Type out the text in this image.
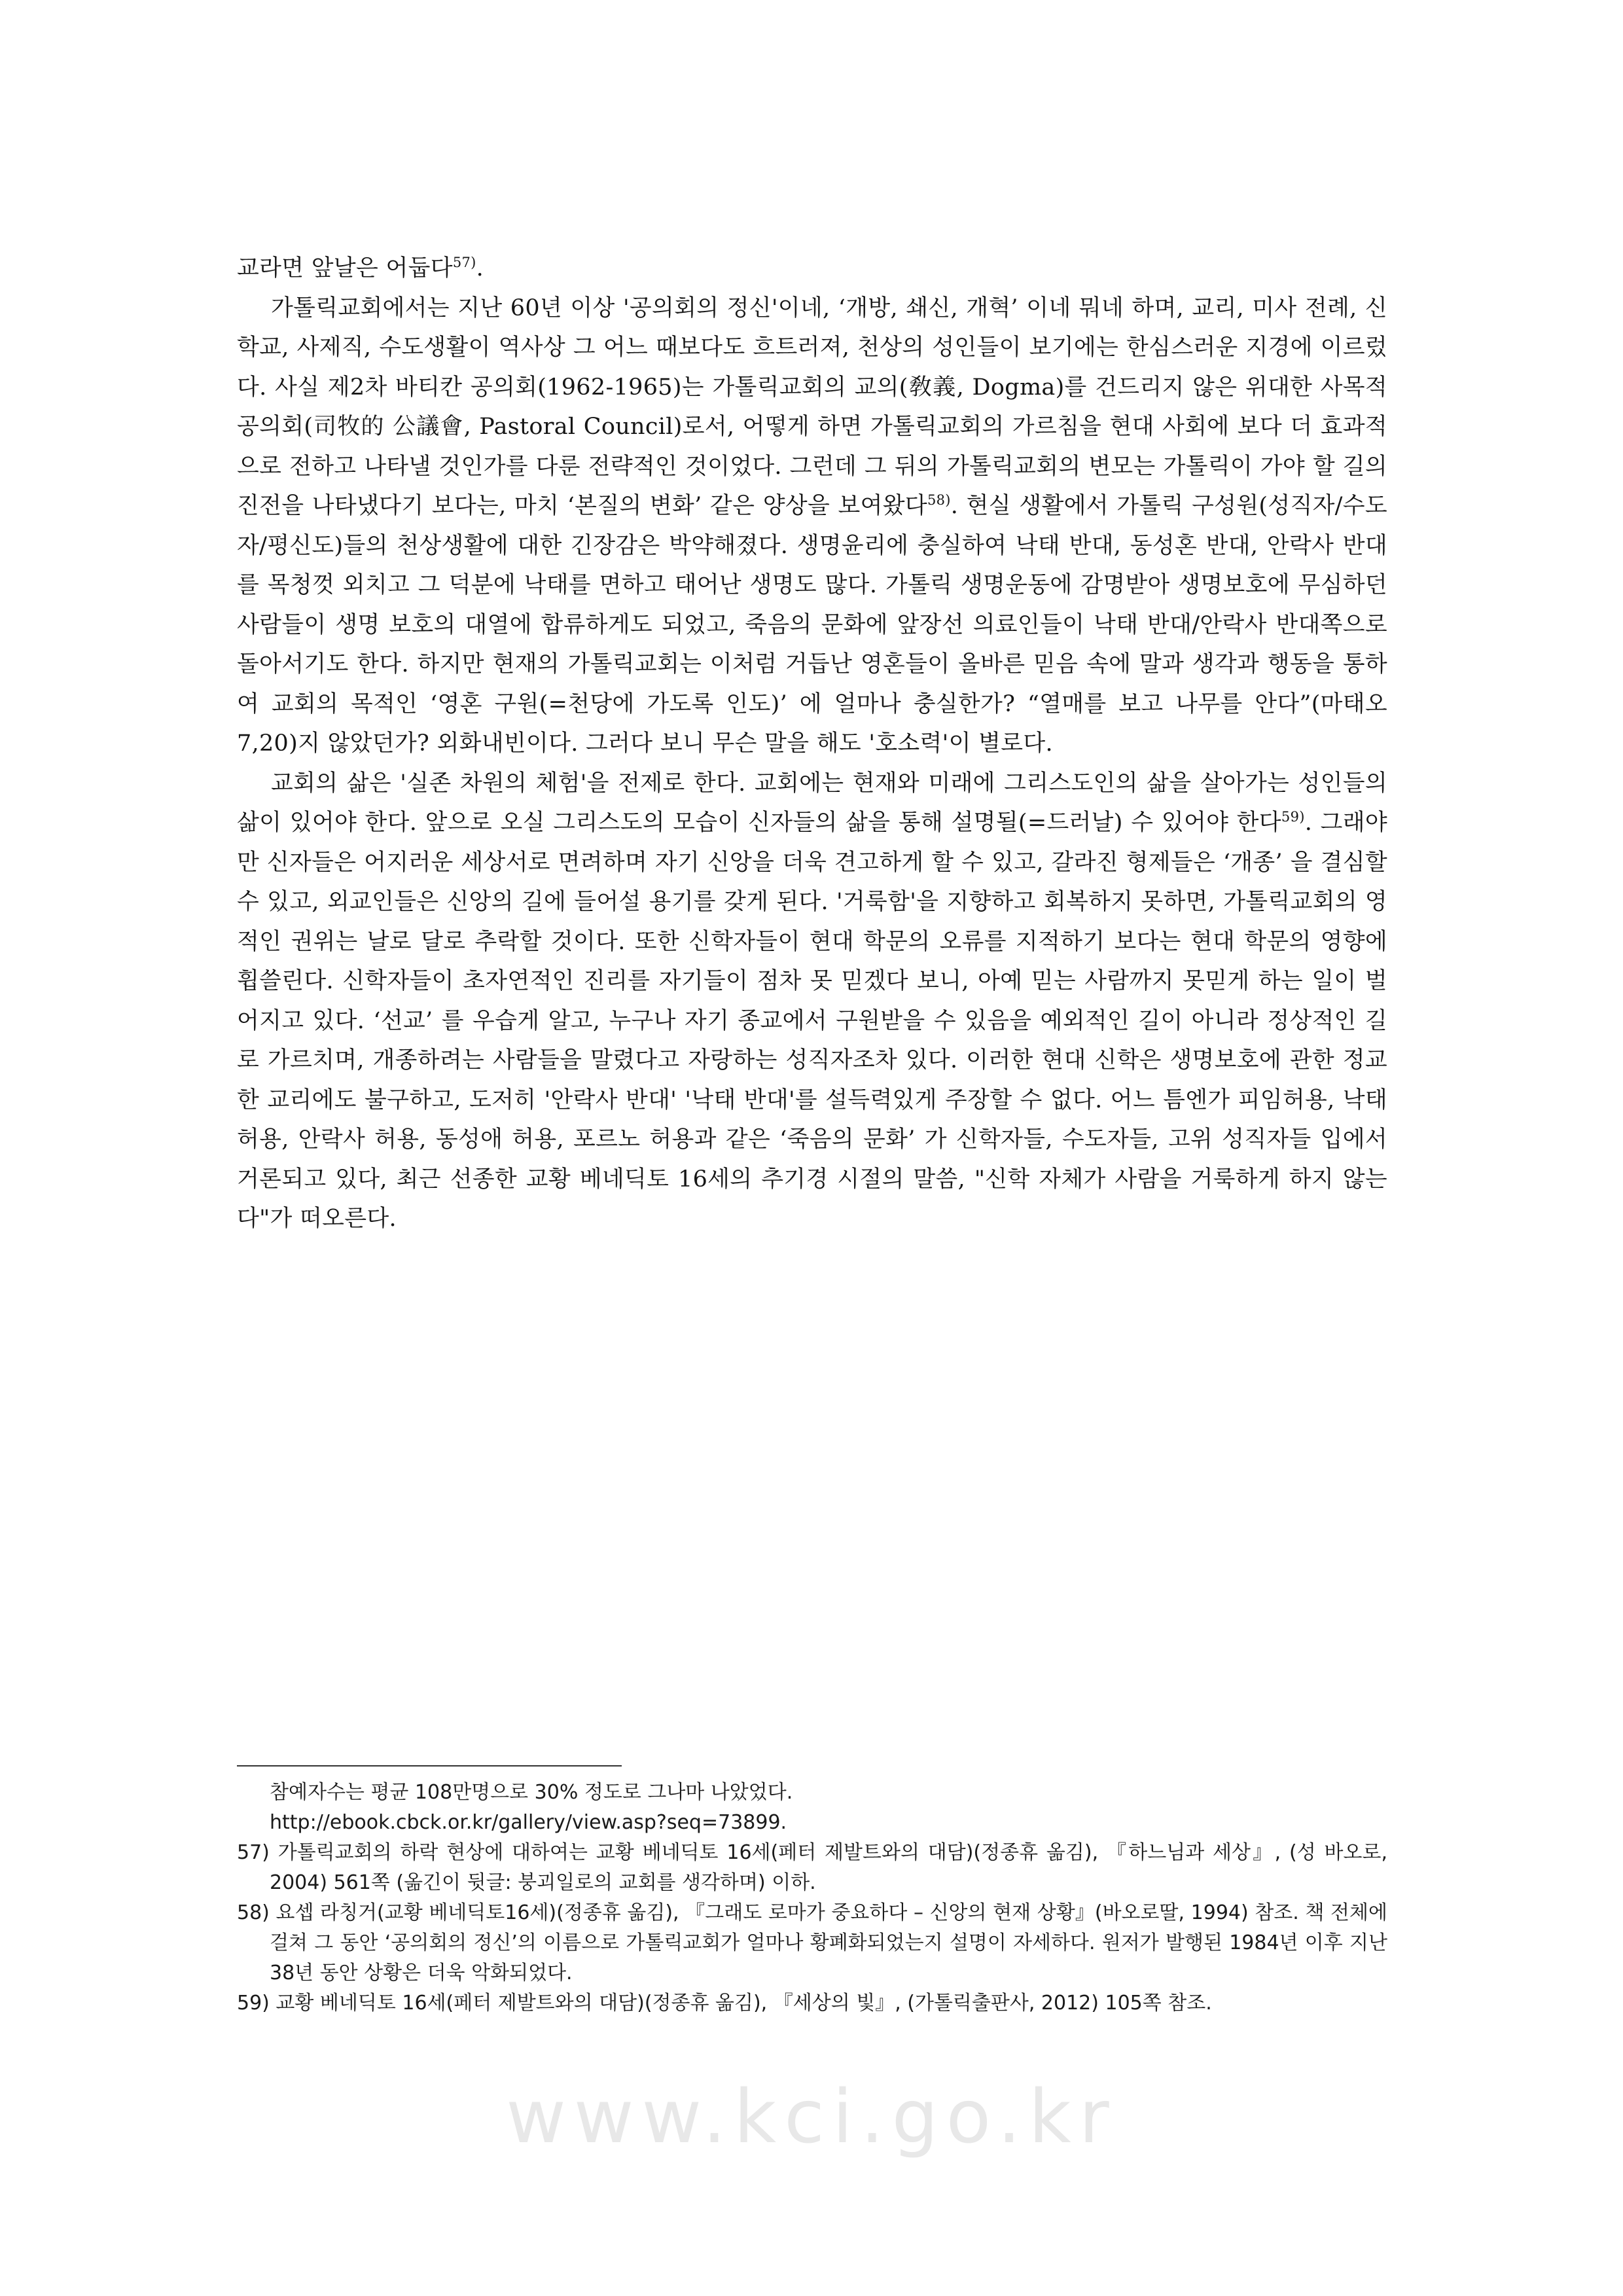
교라면 앞날은 어둡다$^{57)}$.

가톨릭교회에서는 지난 60년 이상 '공의회의 정신'이네, ‘개방, 쇄신, 개혁’ 이네 뭐네 하며, 교리, 미사 전례, 신학교, 사제직, 수도생활이 역사상 그 어느 때보다도 흐트러져, 천상의 성인들이 보기에는 한심스러운 지경에 이르렀다. 사실 제2차 바티칸 공의회(1962-1965)는 가톨릭교회의 교의(敎義, Dogma)를 건드리지 않은 위대한 사목적 공의회(司牧的 公議會, Pastoral Council)로서, 어떻게 하면 가톨릭교회의 가르침을 현대 사회에 보다 더 효과적으로 전하고 나타낼 것인가를 다룬 전략적인 것이었다. 그런데 그 뒤의 가톨릭교회의 변모는 가톨릭이 가야 할 길의 진전을 나타냈다기 보다는, 마치 ‘본질의 변화’ 같은 양상을 보여왔다$^{58)}$. 현실 생활에서 가톨릭 구성원(성직자/수도자/평신도)들의 천상생활에 대한 긴장감은 박약해졌다. 생명윤리에 충실하여 낙태 반대, 동성혼 반대, 안락사 반대를 목청껏 외치고 그 덕분에 낙태를 면하고 태어난 생명도 많다. 가톨릭 생명운동에 감명받아 생명보호에 무심하던 사람들이 생명 보호의 대열에 합류하게도 되었고, 죽음의 문화에 앞장선 의료인들이 낙태 반대/안락사 반대쪽으로 돌아서기도 한다. 하지만 현재의 가톨릭교회는 이처럼 거듭난 영혼들이 올바른 믿음 속에 말과 생각과 행동을 통하여 교회의 목적인 ‘영혼 구원(=천당에 가도록 인도)’ 에 얼마나 충실한가? “열매를 보고 나무를 안다”(마태오 7,20)지 않았던가? 외화내빈이다. 그러다 보니 무슨 말을 해도 '호소력'이 별로다.

교회의 삶은 '실존 차원의 체험'을 전제로 한다. 교회에는 현재와 미래에 그리스도인의 삶을 살아가는 성인들의 삶이 있어야 한다. 앞으로 오실 그리스도의 모습이 신자들의 삶을 통해 설명될(=드러날) 수 있어야 한다$^{59)}$. 그래야만 신자들은 어지러운 세상서로 면려하며 자기 신앙을 더욱 견고하게 할 수 있고, 갈라진 형제들은 ‘개종’ 을 결심할 수 있고, 외교인들은 신앙의 길에 들어설 용기를 갖게 된다. '거룩함'을 지향하고 회복하지 못하면, 가톨릭교회의 영적인 권위는 날로 달로 추락할 것이다. 또한 신학자들이 현대 학문의 오류를 지적하기 보다는 현대 학문의 영향에 휩쓸린다. 신학자들이 초자연적인 진리를 자기들이 점차 못 믿겠다 보니, 아예 믿는 사람까지 못믿게 하는 일이 벌어지고 있다. ‘선교’ 를 우습게 알고, 누구나 자기 종교에서 구원받을 수 있음을 예외적인 길이 아니라 정상적인 길로 가르치며, 개종하려는 사람들을 말렸다고 자랑하는 성직자조차 있다. 이러한 현대 신학은 생명보호에 관한 정교한 교리에도 불구하고, 도저히 '안락사 반대' '낙태 반대'를 설득력있게 주장할 수 없다. 어느 틈엔가 피임허용, 낙태 허용, 안락사 허용, 동성애 허용, 포르노 허용과 같은 ‘죽음의 문화’ 가 신학자들, 수도자들, 고위 성직자들 입에서 거론되고 있다, 최근 선종한 교황 베네딕토 16세의 추기경 시절의 말씀, "신학 자체가 사람을 거룩하게 하지 않는다"가 떠오른다.

참예자수는 평균 108만명으로 30% 정도로 그나마 나았었다.
http://ebook.cbck.or.kr/gallery/view.asp?seq=73899.
57) 가톨릭교회의 하락 현상에 대하여는 교황 베네딕토 16세(페터 제발트와의 대담)(정종휴 옮김), 『하느님과 세상』, (성 바오로, 2004) 561쪽 (옮긴이 뒷글: 붕괴일로의 교회를 생각하며) 이하.
58) 요셉 라칭거(교황 베네딕토16세)(정종휴 옮김), 『그래도 로마가 중요하다 – 신앙의 현재 상황』(바오로딸, 1994) 참조. 책 전체에 걸쳐 그 동안 ‘공의회의 정신’의 이름으로 가톨릭교회가 얼마나 황폐화되었는지 설명이 자세하다. 원저가 발행된 1984년 이후 지난 38년 동안 상황은 더욱 악화되었다.
59) 교황 베네딕토 16세(페터 제발트와의 대담)(정종휴 옮김), 『세상의 빛』, (가톨릭출판사, 2012) 105쪽 참조.
www.kci.go.kr
